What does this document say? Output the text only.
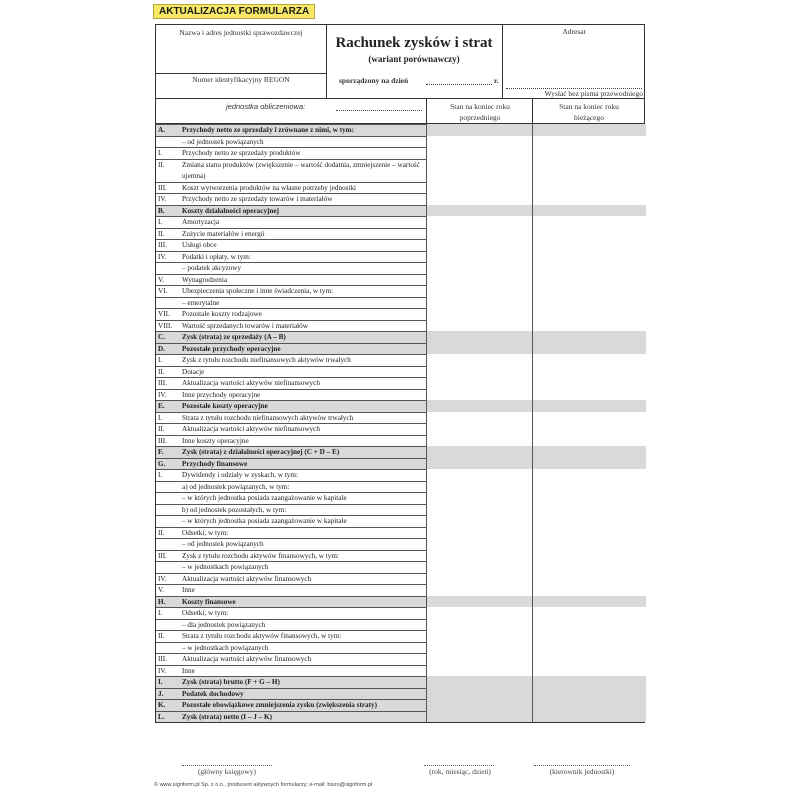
AKTUALIZACJA FORMULARZA
Nazwa i adres jednostki sprawozdawczej
Numer identyfikacyjny REGON
Rachunek zysków i strat
(wariant porównawczy)
sporządzony na dzień	r.
Adresat
Wysłać bez pisma przewodniego
jednostka obliczeniowa:	Stan na koniec roku poprzedniego
Stan na koniec roku bieżącego
A.	Przychody netto ze sprzedaży i zrównane z nimi, w tym:
– od jednostek powiązanych
I.	Przychody netto ze sprzedaży produktów
II.	Zmiana stanu produktów (zwiększenie – wartość dodatnia, zmniejszenie – wartość ujemna)
III.	Koszt wytworzenia produktów na własne potrzeby jednostki
IV.	Przychody netto ze sprzedaży towarów i materiałów
B.	Koszty działalności operacyjnej
I.	Amortyzacja
II.	Zużycie materiałów i energii
III.	Usługi obce
IV.	Podatki i opłaty, w tym:
– podatek akcyzowy
V.	Wynagrodzenia
VI.	Ubezpieczenia społeczne i inne świadczenia, w tym:
– emerytalne
VII.	Pozostałe koszty rodzajowe
VIII.	Wartość sprzedanych towarów i materiałów
C.	Zysk (strata) ze sprzedaży (A – B)
D.	Pozostałe przychody operacyjne
I.	Zysk z tytułu rozchodu niefinansowych aktywów trwałych
II.	Dotacje
III.	Aktualizacja wartości aktywów niefinansowych
IV.	Inne przychody operacyjne
E.	Pozostałe koszty operacyjne
I.	Strata z tytułu rozchodu niefinansowych aktywów trwałych
II.	Aktualizacja wartości aktywów niefinansowych
III.	Inne koszty operacyjne
F.	Zysk (strata) z działalności operacyjnej (C + D – E)
G.	Przychody finansowe
I.	Dywidendy i udziały w zyskach, w tym:
a) od jednostek powiązanych, w tym:
– w których jednostka posiada zaangażowanie w kapitale
b) od jednostek pozostałych, w tym:
– w których jednostka posiada zaangażowanie w kapitale
II.	Odsetki, w tym:
– od jednostek powiązanych
III.	Zysk z tytułu rozchodu aktywów finansowych, w tym:
– w jednostkach powiązanych
IV.	Aktualizacja wartości aktywów finansowych
V.	Inne
H.	Koszty finansowe
I.	Odsetki, w tym:
– dla jednostek powiązanych
II.	Strata z tytułu rozchodu aktywów finansowych, w tym:
– w jednostkach powiązanych
III.	Aktualizacja wartości aktywów finansowych
IV.	Inne
I.	Zysk (strata) brutto (F + G – H)
J.	Podatek dochodowy
K.	Pozostałe obowiązkowe zmniejszenia zysku (zwiększenia straty)
L.	Zysk (strata) netto (I – J – K)
(główny księgowy)	(rok, miesiąc, dzień)	(kierownik jednostki)
© www.signform.pl Sp. z o.o., producent aktywnych formularzy; e-mail: biuro@signform.pl
